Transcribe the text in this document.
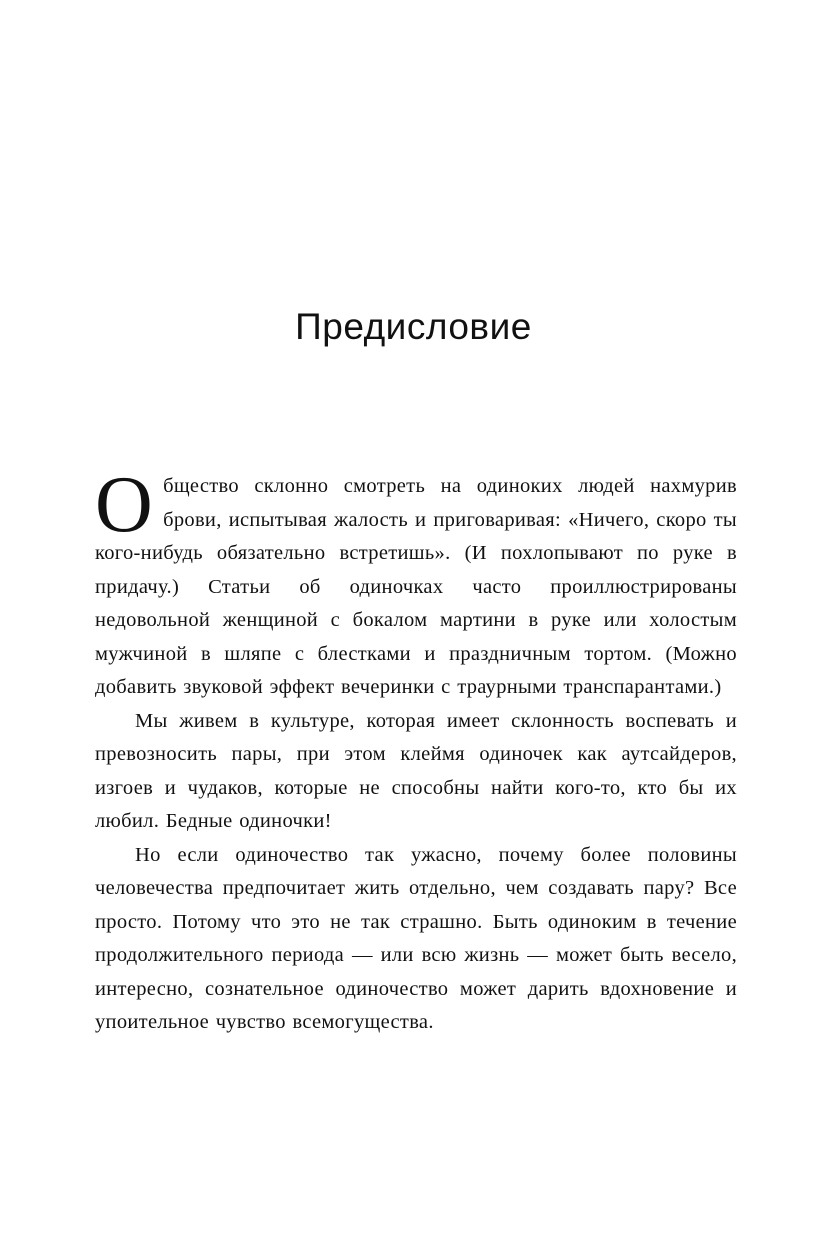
Предисловие

Общество склонно смотреть на одиноких людей нахмурив брови, испытывая жалость и приговаривая: «Ничего, скоро ты кого-нибудь обязательно встретишь». (И похлопывают по руке в придачу.) Статьи об одиночках часто проиллюстрированы недовольной женщиной с бокалом мартини в руке или холостым мужчиной в шляпе с блестками и праздничным тортом. (Можно добавить звуковой эффект вечеринки с траурными транспарантами.)

Мы живем в культуре, которая имеет склонность воспевать и превозносить пары, при этом клеймя одиночек как аутсайдеров, изгоев и чудаков, которые не способны найти кого-то, кто бы их любил. Бедные одиночки!

Но если одиночество так ужасно, почему более половины человечества предпочитает жить отдельно, чем создавать пару? Все просто. Потому что это не так страшно. Быть одиноким в течение продолжительного периода — или всю жизнь — может быть весело, интересно, сознательное одиночество может дарить вдохновение и упоительное чувство всемогущества.
